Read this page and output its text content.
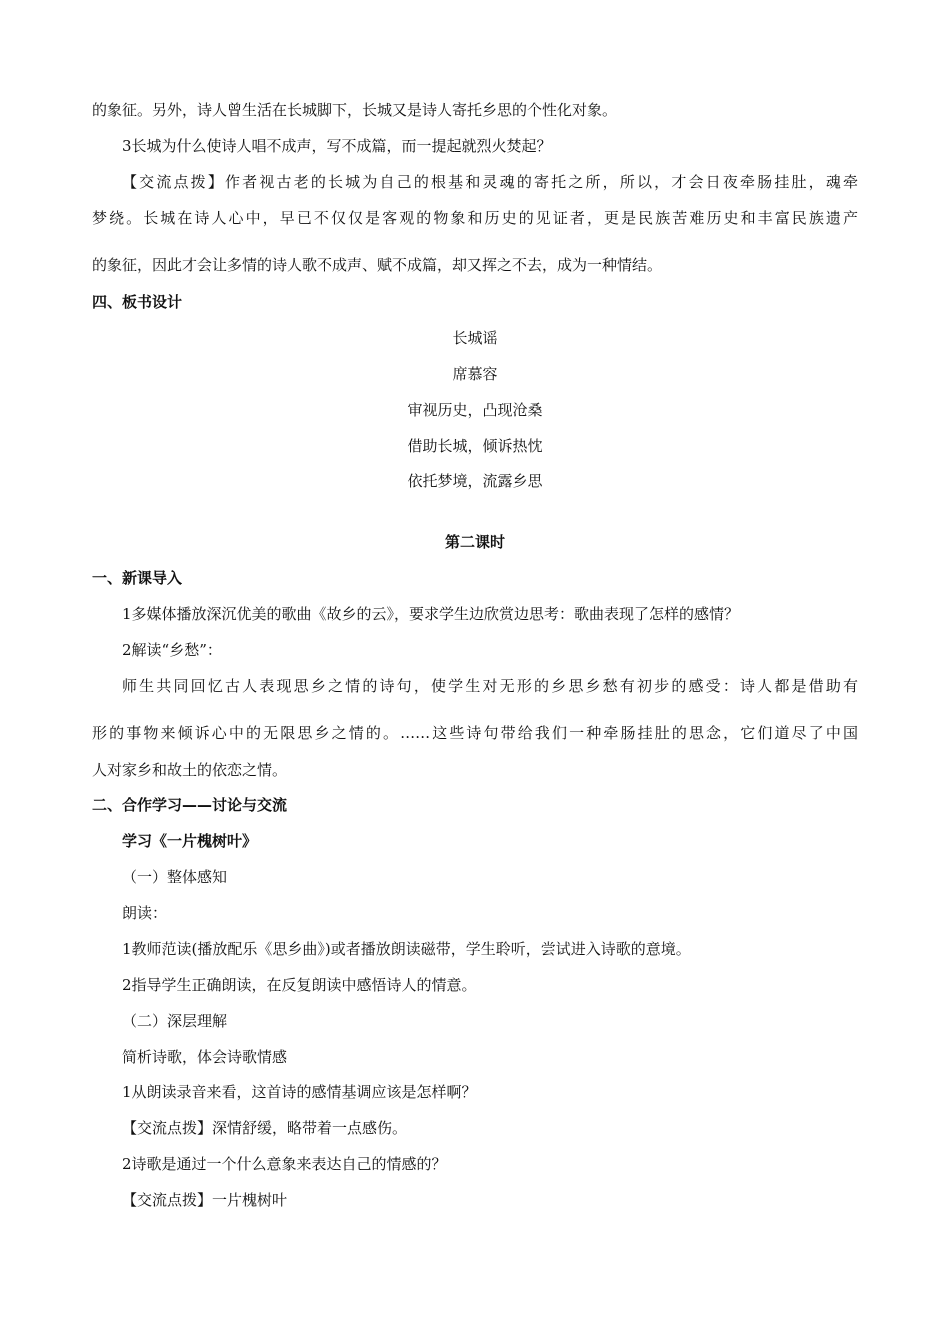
的象征。另外，诗人曾生活在长城脚下，长城又是诗人寄托乡思的个性化对象。
3长城为什么使诗人唱不成声，写不成篇，而一提起就烈火焚起？
【交流点拨】作者视古老的长城为自己的根基和灵魂的寄托之所，所以，才会日夜牵肠挂肚，魂牵
梦绕。长城在诗人心中，早已不仅仅是客观的物象和历史的见证者，更是民族苦难历史和丰富民族遗产
的象征，因此才会让多情的诗人歌不成声、赋不成篇，却又挥之不去，成为一种情结。
四、板书设计
长城谣
席慕容
审视历史，凸现沧桑
借助长城，倾诉热忱
依托梦境，流露乡思
第二课时
一、新课导入
1多媒体播放深沉优美的歌曲《故乡的云》，要求学生边欣赏边思考：歌曲表现了怎样的感情？
2解读“乡愁”：
师生共同回忆古人表现思乡之情的诗句，使学生对无形的乡思乡愁有初步的感受：诗人都是借助有
形的事物来倾诉心中的无限思乡之情的。……这些诗句带给我们一种牵肠挂肚的思念，它们道尽了中国
人对家乡和故土的依恋之情。
二、合作学习——讨论与交流
学习《一片槐树叶》
（一）整体感知
朗读：
1教师范读(播放配乐《思乡曲》)或者播放朗读磁带，学生聆听，尝试进入诗歌的意境。
2指导学生正确朗读，在反复朗读中感悟诗人的情意。
（二）深层理解
简析诗歌，体会诗歌情感
1从朗读录音来看，这首诗的感情基调应该是怎样啊？
【交流点拨】深情舒缓，略带着一点感伤。
2诗歌是通过一个什么意象来表达自己的情感的？
【交流点拨】一片槐树叶
